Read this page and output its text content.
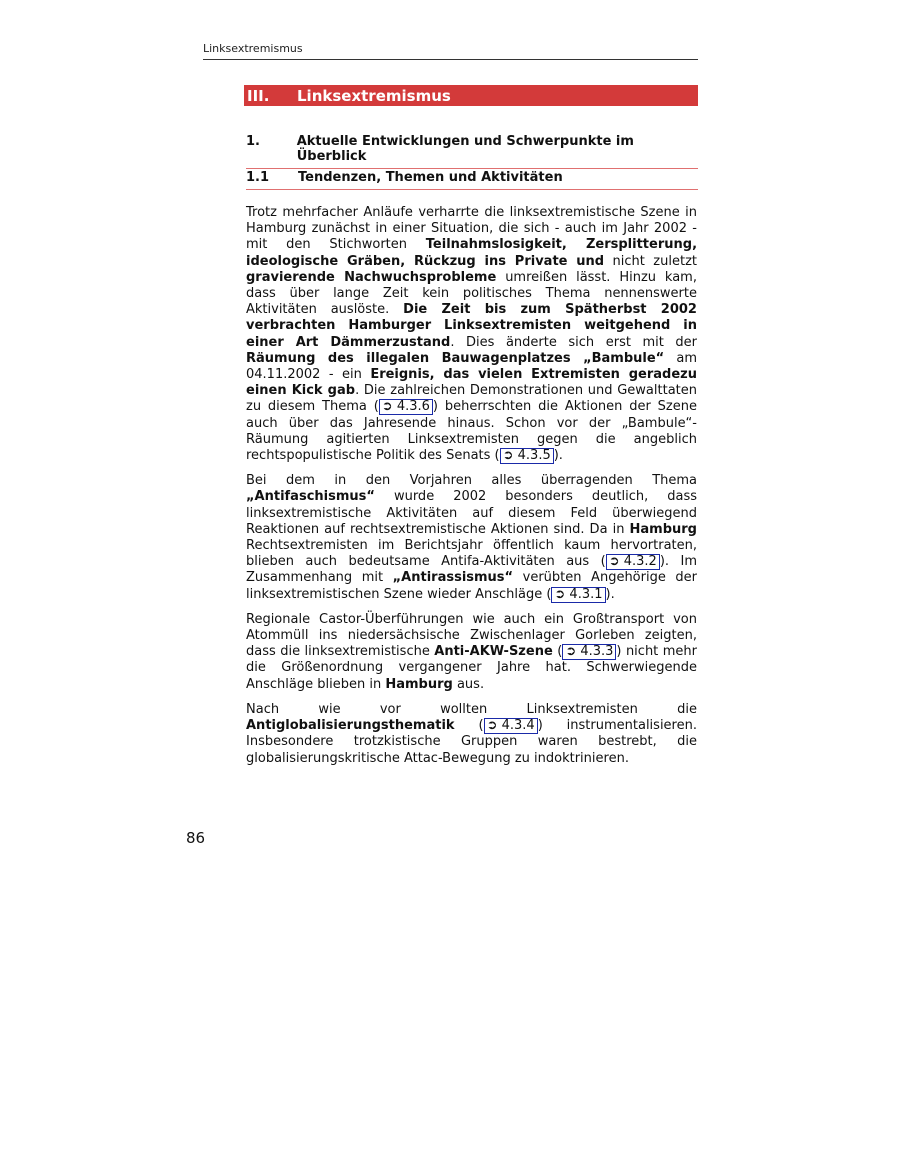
Linksextremismus
III.	Linksextremismus
1.	Aktuelle Entwicklungen und Schwerpunkte im Überblick
1.1	Tendenzen, Themen und Aktivitäten

Trotz mehrfacher Anläufe verharrte die linksextremistische Szene in Hamburg zunächst in einer Situation, die sich - auch im Jahr 2002 - mit den Stichworten Teilnahmslosigkeit, Zersplitterung, ideologische Gräben, Rückzug ins Private und nicht zuletzt gravierende Nachwuchsprobleme umreißen lässt. Hinzu kam, dass über lange Zeit kein politisches Thema nennenswerte Aktivitäten auslöste. Die Zeit bis zum Spätherbst 2002 verbrachten Hamburger Linksextremisten weitgehend in einer Art Dämmerzustand. Dies änderte sich erst mit der Räumung des illegalen Bauwagenplatzes „Bambule“ am 04.11.2002 - ein Ereignis, das vielen Extremisten geradezu einen Kick gab. Die zahlreichen Demonstrationen und Gewalttaten zu diesem Thema ( ➲ 4.3.6 ) beherrschten die Aktionen der Szene auch über das Jahresende hinaus. Schon vor der „Bambule“-Räumung agitierten Linksextremisten gegen die angeblich rechtspopulistische Politik des Senats ( ➲ 4.3.5 ).

Bei dem in den Vorjahren alles überragenden Thema „Antifaschismus“ wurde 2002 besonders deutlich, dass linksextremistische Aktivitäten auf diesem Feld überwiegend Reaktionen auf rechtsextremistische Aktionen sind. Da in Hamburg Rechtsextremisten im Berichtsjahr öffentlich kaum hervortraten, blieben auch bedeutsame Antifa-Aktivitäten aus ( ➲ 4.3.2 ). Im Zusammenhang mit „Antirassismus“ verübten Angehörige der linksextremistischen Szene wieder Anschläge ( ➲ 4.3.1 ).

Regionale Castor-Überführungen wie auch ein Großtransport von Atommüll ins niedersächsische Zwischenlager Gorleben zeigten, dass die linksextremistische Anti-AKW-Szene ( ➲ 4.3.3 ) nicht mehr die Größenordnung vergangener Jahre hat. Schwerwiegende Anschläge blieben in Hamburg aus.

Nach wie vor wollten Linksextremisten die Antiglobalisierungsthematik ( ➲ 4.3.4 ) instrumentalisieren. Insbesondere trotzkistische Gruppen waren bestrebt, die globalisierungskritische Attac-Bewegung zu indoktrinieren.

86
